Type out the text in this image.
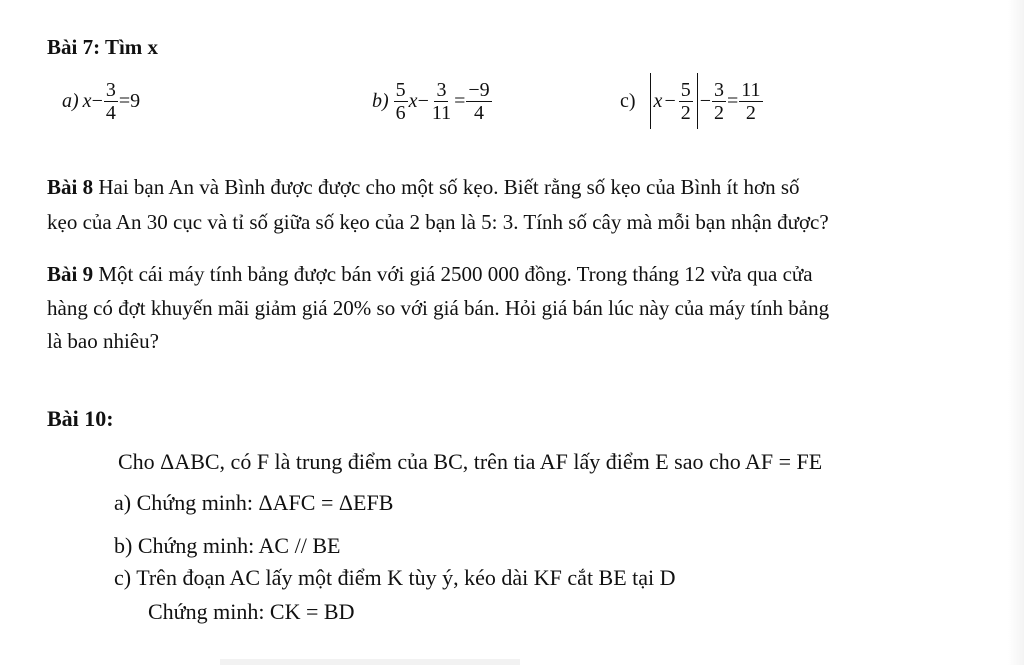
Bài 7: Tìm x
a) $x - \frac{3}{4} = 9$	$b) \frac{5}{6}$ $x - \frac{3}{11} = \frac{-9}{4}$	c) $x - \frac{5}{2} - \frac{3}{2} = \frac{11}{2}$
Bài 8 Hai bạn An và Bình được được cho một số kẹo. Biết rằng số kẹo của Bình ít hơn số
kẹo của An 30 cục và tỉ số giữa số kẹo của 2 bạn là 5: 3. Tính số cây mà mỗi bạn nhận được?
Bài 9 Một cái máy tính bảng được bán với giá 2500 000 đồng. Trong tháng 12 vừa qua cửa
hàng có đợt khuyến mãi giảm giá 20% so với giá bán. Hỏi giá bán lúc này của máy tính bảng
là bao nhiêu?
Bài 10:
Cho ΔABC, có F là trung điểm của BC, trên tia AF lấy điểm E sao cho AF = FE
a) Chứng minh: ΔAFC = ΔEFB
b) Chứng minh: AC // BE
c) Trên đoạn AC lấy một điểm K tùy ý, kéo dài KF cắt BE tại D
Chứng minh: CK = BD
